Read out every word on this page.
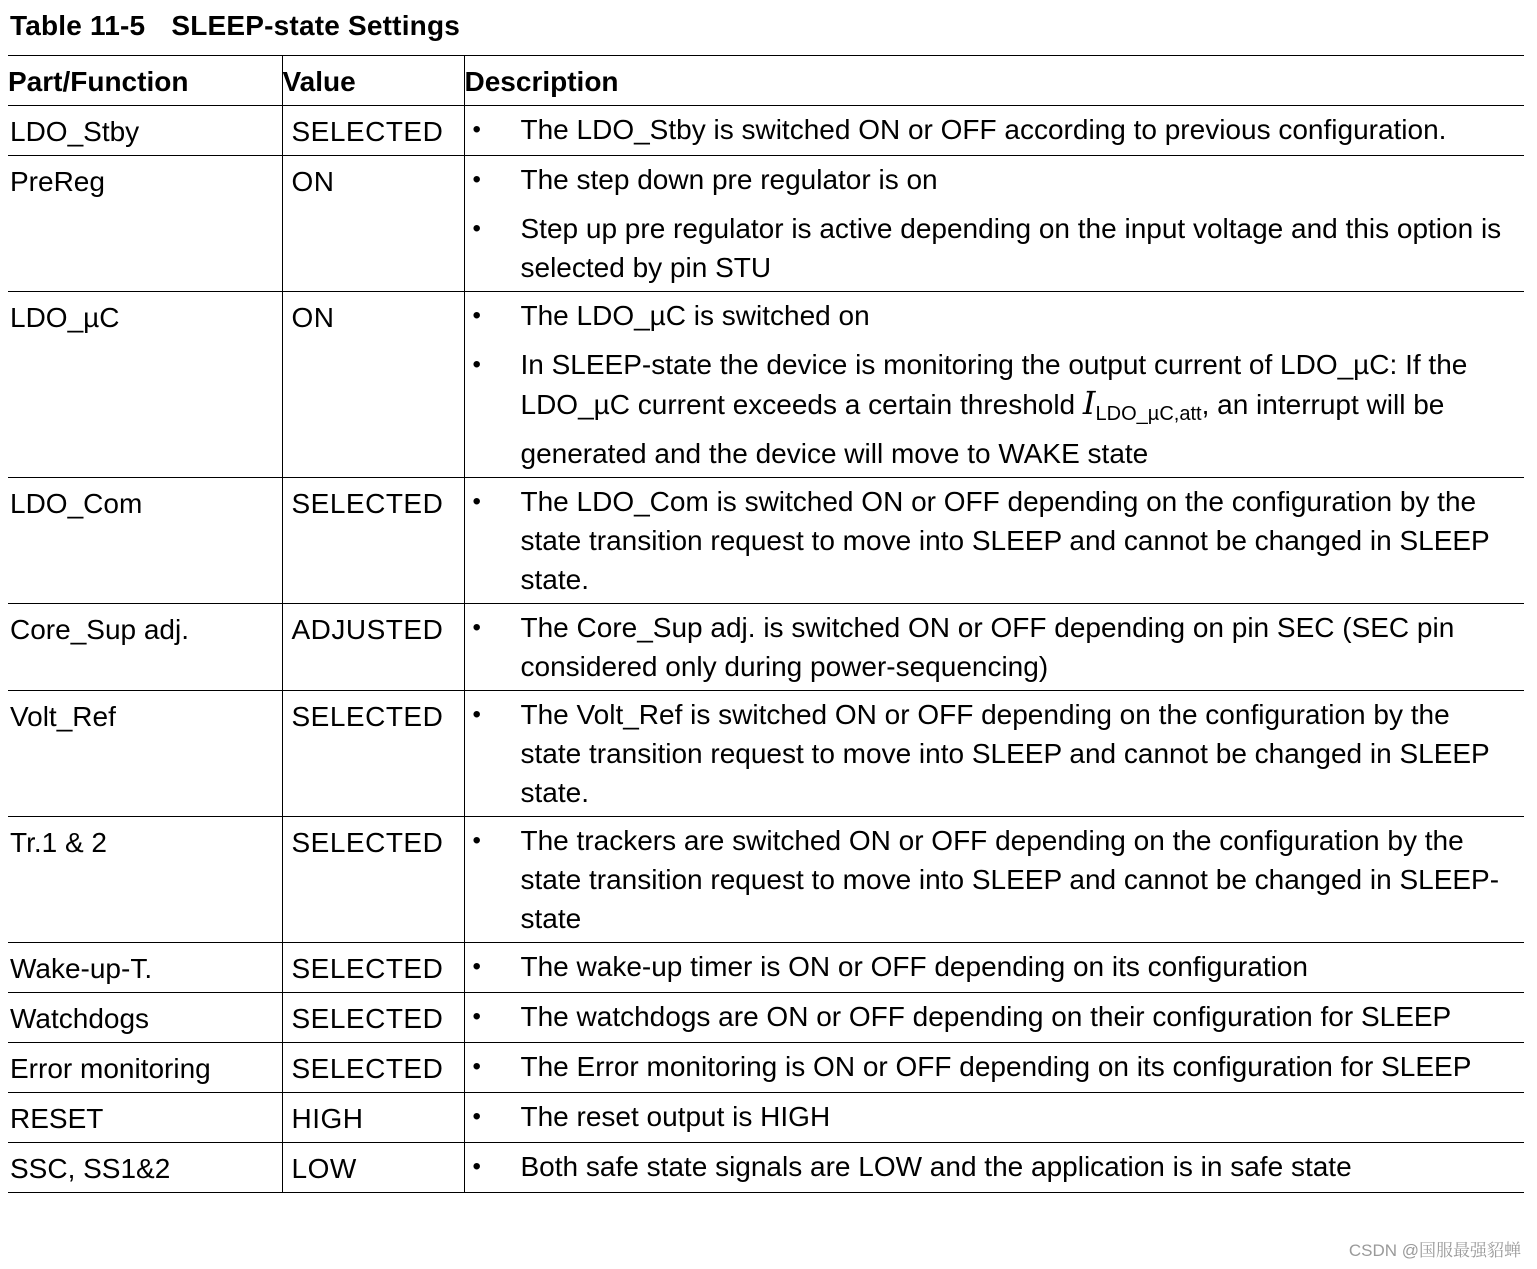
Table 11-5 SLEEP-state Settings
Part/Function	Value	Description
LDO_Stby	SELECTED	• The LDO_Stby is switched ON or OFF according to previous configuration.

PreReg	ON	• The step down pre regulator is on
• Step up pre regulator is active depending on the input voltage and this option is selected by pin STU

LDO_µC	ON	• The LDO_µC is switched on
• In SLEEP-state the device is monitoring the output current of LDO_µC: If the LDO_µC current exceeds a certain threshold $I_{LDO\_\mu C,att}$, an interrupt will be generated and the device will move to WAKE state

LDO_Com	SELECTED	• The LDO_Com is switched ON or OFF depending on the configuration by the state transition request to move into SLEEP and cannot be changed in SLEEP state.

Core_Sup adj.	ADJUSTED	• The Core_Sup adj. is switched ON or OFF depending on pin SEC (SEC pin considered only during power-sequencing)

Volt_Ref	SELECTED	• The Volt_Ref is switched ON or OFF depending on the configuration by the state transition request to move into SLEEP and cannot be changed in SLEEP state.

Tr.1 & 2	SELECTED	• The trackers are switched ON or OFF depending on the configuration by the state transition request to move into SLEEP and cannot be changed in SLEEP-state

Wake-up-T.	SELECTED	• The wake-up timer is ON or OFF depending on its configuration

Watchdogs	SELECTED	• The watchdogs are ON or OFF depending on their configuration for SLEEP

Error monitoring	SELECTED	• The Error monitoring is ON or OFF depending on its configuration for SLEEP

RESET	HIGH	• The reset output is HIGH

SSC, SS1&2	LOW	• Both safe state signals are LOW and the application is in safe state
CSDN @国服最强貂蝉
